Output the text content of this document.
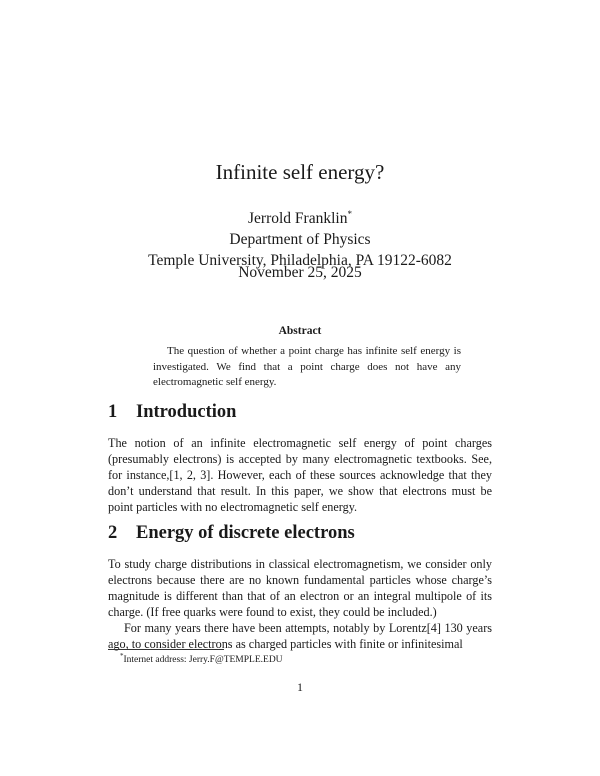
Infinite self energy?
Jerrold Franklin*
Department of Physics
Temple University, Philadelphia, PA 19122-6082
November 25, 2025
Abstract

The question of whether a point charge has infinite self energy is investigated. We find that a point charge does not have any electromagnetic self energy.

1 Introduction

The notion of an infinite electromagnetic self energy of point charges (presumably electrons) is accepted by many electromagnetic textbooks. See, for instance,[1, 2, 3]. However, each of these sources acknowledge that they don’t understand that result. In this paper, we show that electrons must be point particles with no electromagnetic self energy.

2 Energy of discrete electrons

To study charge distributions in classical electromagnetism, we consider only electrons because there are no known fundamental particles whose charge’s magnitude is different than that of an electron or an integral multipole of its charge. (If free quarks were found to exist, they could be included.)

For many years there have been attempts, notably by Lorentz[4] 130 years ago, to consider electrons as charged particles with finite or infinitesimal

*Internet address: Jerry.F@TEMPLE.EDU
1
